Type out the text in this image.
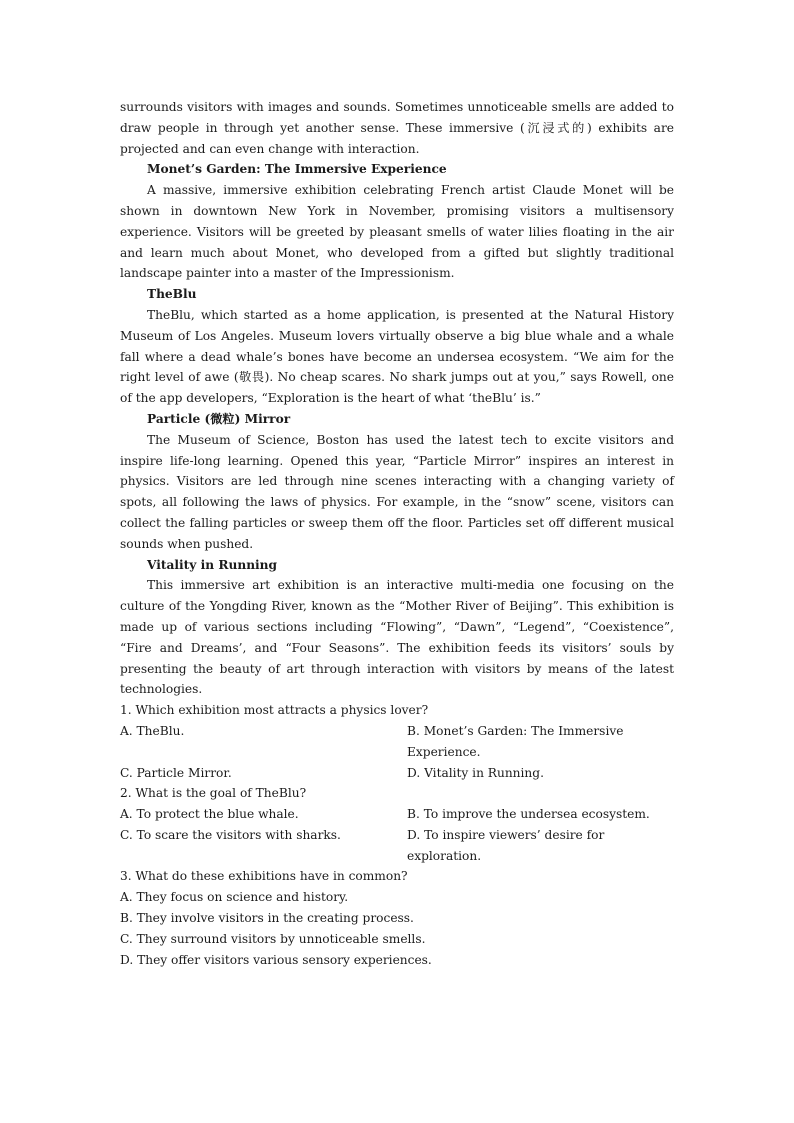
surrounds visitors with images and sounds. Sometimes unnoticeable smells are added to draw people in through yet another sense. These immersive (沉浸式的) exhibits are projected and can even change with interaction.

Monet’s Garden: The Immersive Experience

A massive, immersive exhibition celebrating French artist Claude Monet will be shown in downtown New York in November, promising visitors a multisensory experience. Visitors will be greeted by pleasant smells of water lilies floating in the air and learn much about Monet, who developed from a gifted but slightly traditional landscape painter into a master of the Impressionism.

TheBlu

TheBlu, which started as a home application, is presented at the Natural History Museum of Los Angeles. Museum lovers virtually observe a big blue whale and a whale fall where a dead whale’s bones have become an undersea ecosystem. “We aim for the right level of awe (敬畏). No cheap scares. No shark jumps out at you,” says Rowell, one of the app developers, “Exploration is the heart of what ‘theBlu’ is.”

Particle (微粒) Mirror

The Museum of Science, Boston has used the latest tech to excite visitors and inspire life-long learning. Opened this year, “Particle Mirror” inspires an interest in physics. Visitors are led through nine scenes interacting with a changing variety of spots, all following the laws of physics. For example, in the “snow” scene, visitors can collect the falling particles or sweep them off the floor. Particles set off different musical sounds when pushed.

Vitality in Running

This immersive art exhibition is an interactive multi-media one focusing on the culture of the Yongding River, known as the “Mother River of Beijing”. This exhibition is made up of various sections including “Flowing”, “Dawn”, “Legend”, “Coexistence”, “Fire and Dreams’, and “Four Seasons”. The exhibition feeds its visitors’ souls by presenting the beauty of art through interaction with visitors by means of the latest technologies.

1. Which exhibition most attracts a physics lover?

A. TheBlu.	B. Monet’s Garden: The Immersive Experience.
C. Particle Mirror.	D. Vitality in Running.

2. What is the goal of TheBlu?

A. To protect the blue whale.	B. To improve the undersea ecosystem.
C. To scare the visitors with sharks.	D. To inspire viewers’ desire for exploration.

3. What do these exhibitions have in common?

A. They focus on science and history.

B. They involve visitors in the creating process.

C. They surround visitors by unnoticeable smells.

D. They offer visitors various sensory experiences.
